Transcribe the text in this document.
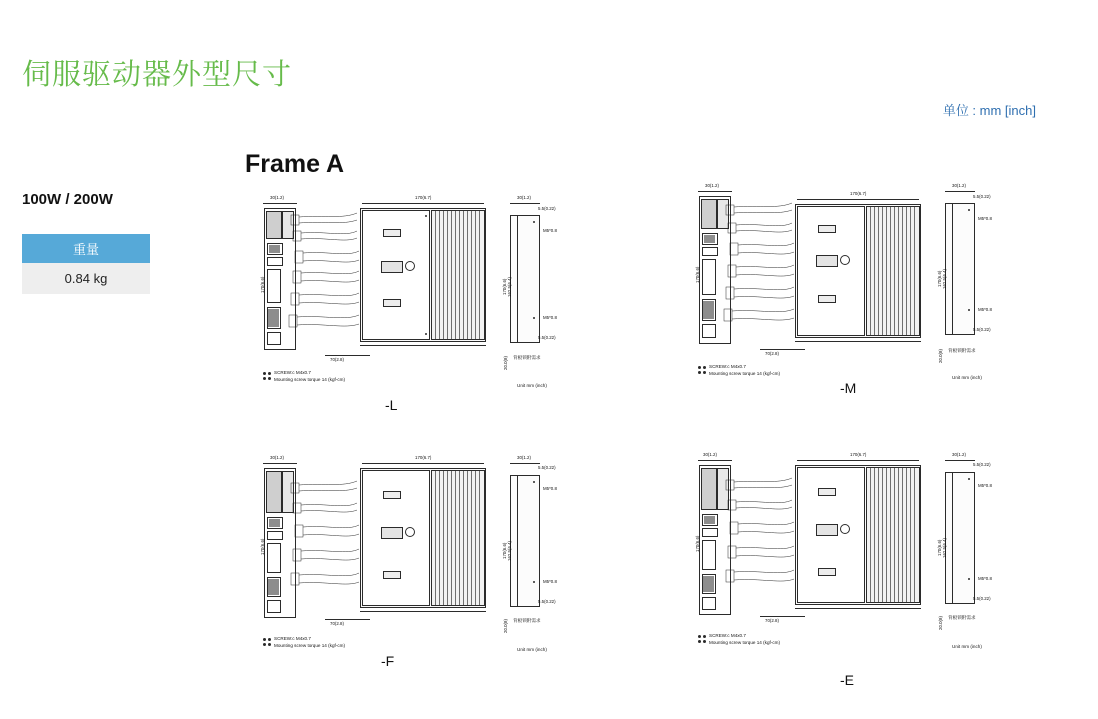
伺服驱动器外型尺寸
单位 : mm [inch]
Frame A
100W / 200W
重量
0.84 kg
30(1.2)	170(6.7)	30(1.2)
170(6.6)
70(2.8)
5.5(0.22)
M5*0.8
M5*0.8
5.5(0.22)
170(6.6) 162.5(6.4)
20.0(8) 背板锁附需求
Unit mm (inch)
SCREW:c M4x0.7
Mounting screw torque 14 (kgf-cm)
-L
30(1.2)
170(6.7)
30(1.2)
170(6.6)
70(2.8)
5.5(0.22)
M5*0.8
M5*0.8
5.5(0.22)
170(6.6) 162.5(6.4)
20.0(8) 背板锁附需求
Unit mm (inch)
SCREW:c M4x0.7
Mounting screw torque 14 (kgf-cm)
-M
30(1.2)	170(6.7)	30(1.2)
170(6.6)
70(2.8)
5.5(0.22)
M5*0.8
M5*0.8
5.5(0.22)
170(6.6) 162.5(6.4)
20.0(8) 背板锁附需求
Unit mm (inch)
SCREW:c M4x0.7
Mounting screw torque 14 (kgf-cm)
-F
30(1.2)	170(6.7)	30(1.2)
170(6.6)
70(2.8)
5.5(0.22)
M5*0.8
M5*0.8
5.5(0.22)
170(6.6) 162.5(6.4)
20.0(8) 背板锁附需求
Unit mm (inch)
SCREW:c M4x0.7
Mounting screw torque 14 (kgf-cm)
-E
